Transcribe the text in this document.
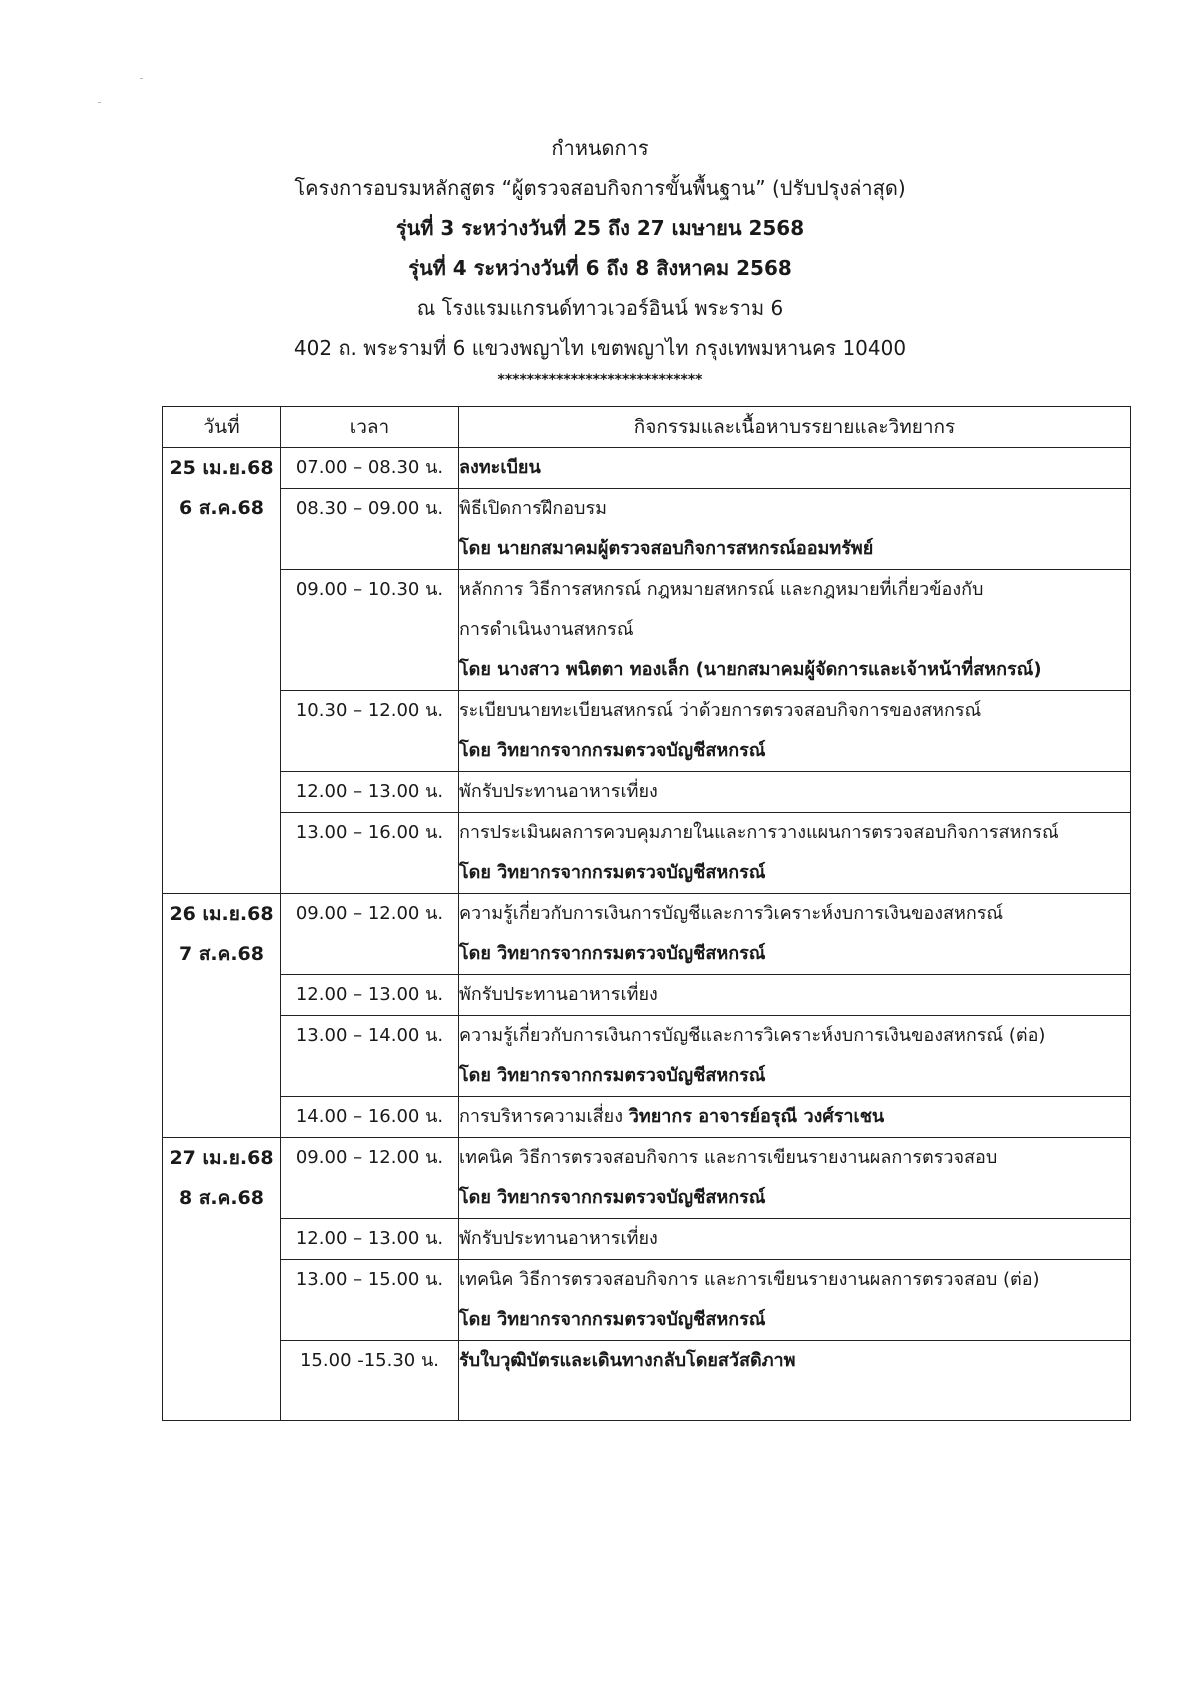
กำหนดการ
โครงการอบรมหลักสูตร “ผู้ตรวจสอบกิจการขั้นพื้นฐาน” (ปรับปรุงล่าสุด)
รุ่นที่ 3 ระหว่างวันที่ 25 ถึง 27 เมษายน 2568
รุ่นที่ 4 ระหว่างวันที่ 6 ถึง 8 สิงหาคม 2568
ณ โรงแรมแกรนด์ทาวเวอร์อินน์ พระราม 6
402 ถ. พระรามที่ 6 แขวงพญาไท เขตพญาไท กรุงเทพมหานคร 10400
****************************
วันที่	เวลา	กิจกรรมและเนื้อหาบรรยายและวิทยากร

25 เม.ย.68
6 ส.ค.68	07.00 – 08.30 น.	ลงทะเบียน

	08.30 – 09.00 น.	พิธีเปิดการฝึกอบรม
โดย นายกสมาคมผู้ตรวจสอบกิจการสหกรณ์ออมทรัพย์

	09.00 – 10.30 น.	หลักการ วิธีการสหกรณ์ กฎหมายสหกรณ์ และกฎหมายที่เกี่ยวข้องกับ
การดำเนินงานสหกรณ์
โดย นางสาว พนิตตา ทองเล็ก (นายกสมาคมผู้จัดการและเจ้าหน้าที่สหกรณ์)

	10.30 – 12.00 น.	ระเบียบนายทะเบียนสหกรณ์ ว่าด้วยการตรวจสอบกิจการของสหกรณ์
โดย วิทยากรจากกรมตรวจบัญชีสหกรณ์

	12.00 – 13.00 น.	พักรับประทานอาหารเที่ยง

	13.00 – 16.00 น.	การประเมินผลการควบคุมภายในและการวางแผนการตรวจสอบกิจการสหกรณ์
โดย วิทยากรจากกรมตรวจบัญชีสหกรณ์

26 เม.ย.68
7 ส.ค.68	09.00 – 12.00 น.	ความรู้เกี่ยวกับการเงินการบัญชีและการวิเคราะห์งบการเงินของสหกรณ์
โดย วิทยากรจากกรมตรวจบัญชีสหกรณ์

	12.00 – 13.00 น.	พักรับประทานอาหารเที่ยง

	13.00 – 14.00 น.	ความรู้เกี่ยวกับการเงินการบัญชีและการวิเคราะห์งบการเงินของสหกรณ์ (ต่อ)
โดย วิทยากรจากกรมตรวจบัญชีสหกรณ์

	14.00 – 16.00 น.	การบริหารความเสี่ยง วิทยากร อาจารย์อรุณี วงศ์ราเชน

27 เม.ย.68
8 ส.ค.68	09.00 – 12.00 น.	เทคนิค วิธีการตรวจสอบกิจการ และการเขียนรายงานผลการตรวจสอบ
โดย วิทยากรจากกรมตรวจบัญชีสหกรณ์

	12.00 – 13.00 น.	พักรับประทานอาหารเที่ยง

	13.00 – 15.00 น.	เทคนิค วิธีการตรวจสอบกิจการ และการเขียนรายงานผลการตรวจสอบ (ต่อ)
โดย วิทยากรจากกรมตรวจบัญชีสหกรณ์

	15.00 -15.30 น.	รับใบวุฒิบัตรและเดินทางกลับโดยสวัสดิภาพ
